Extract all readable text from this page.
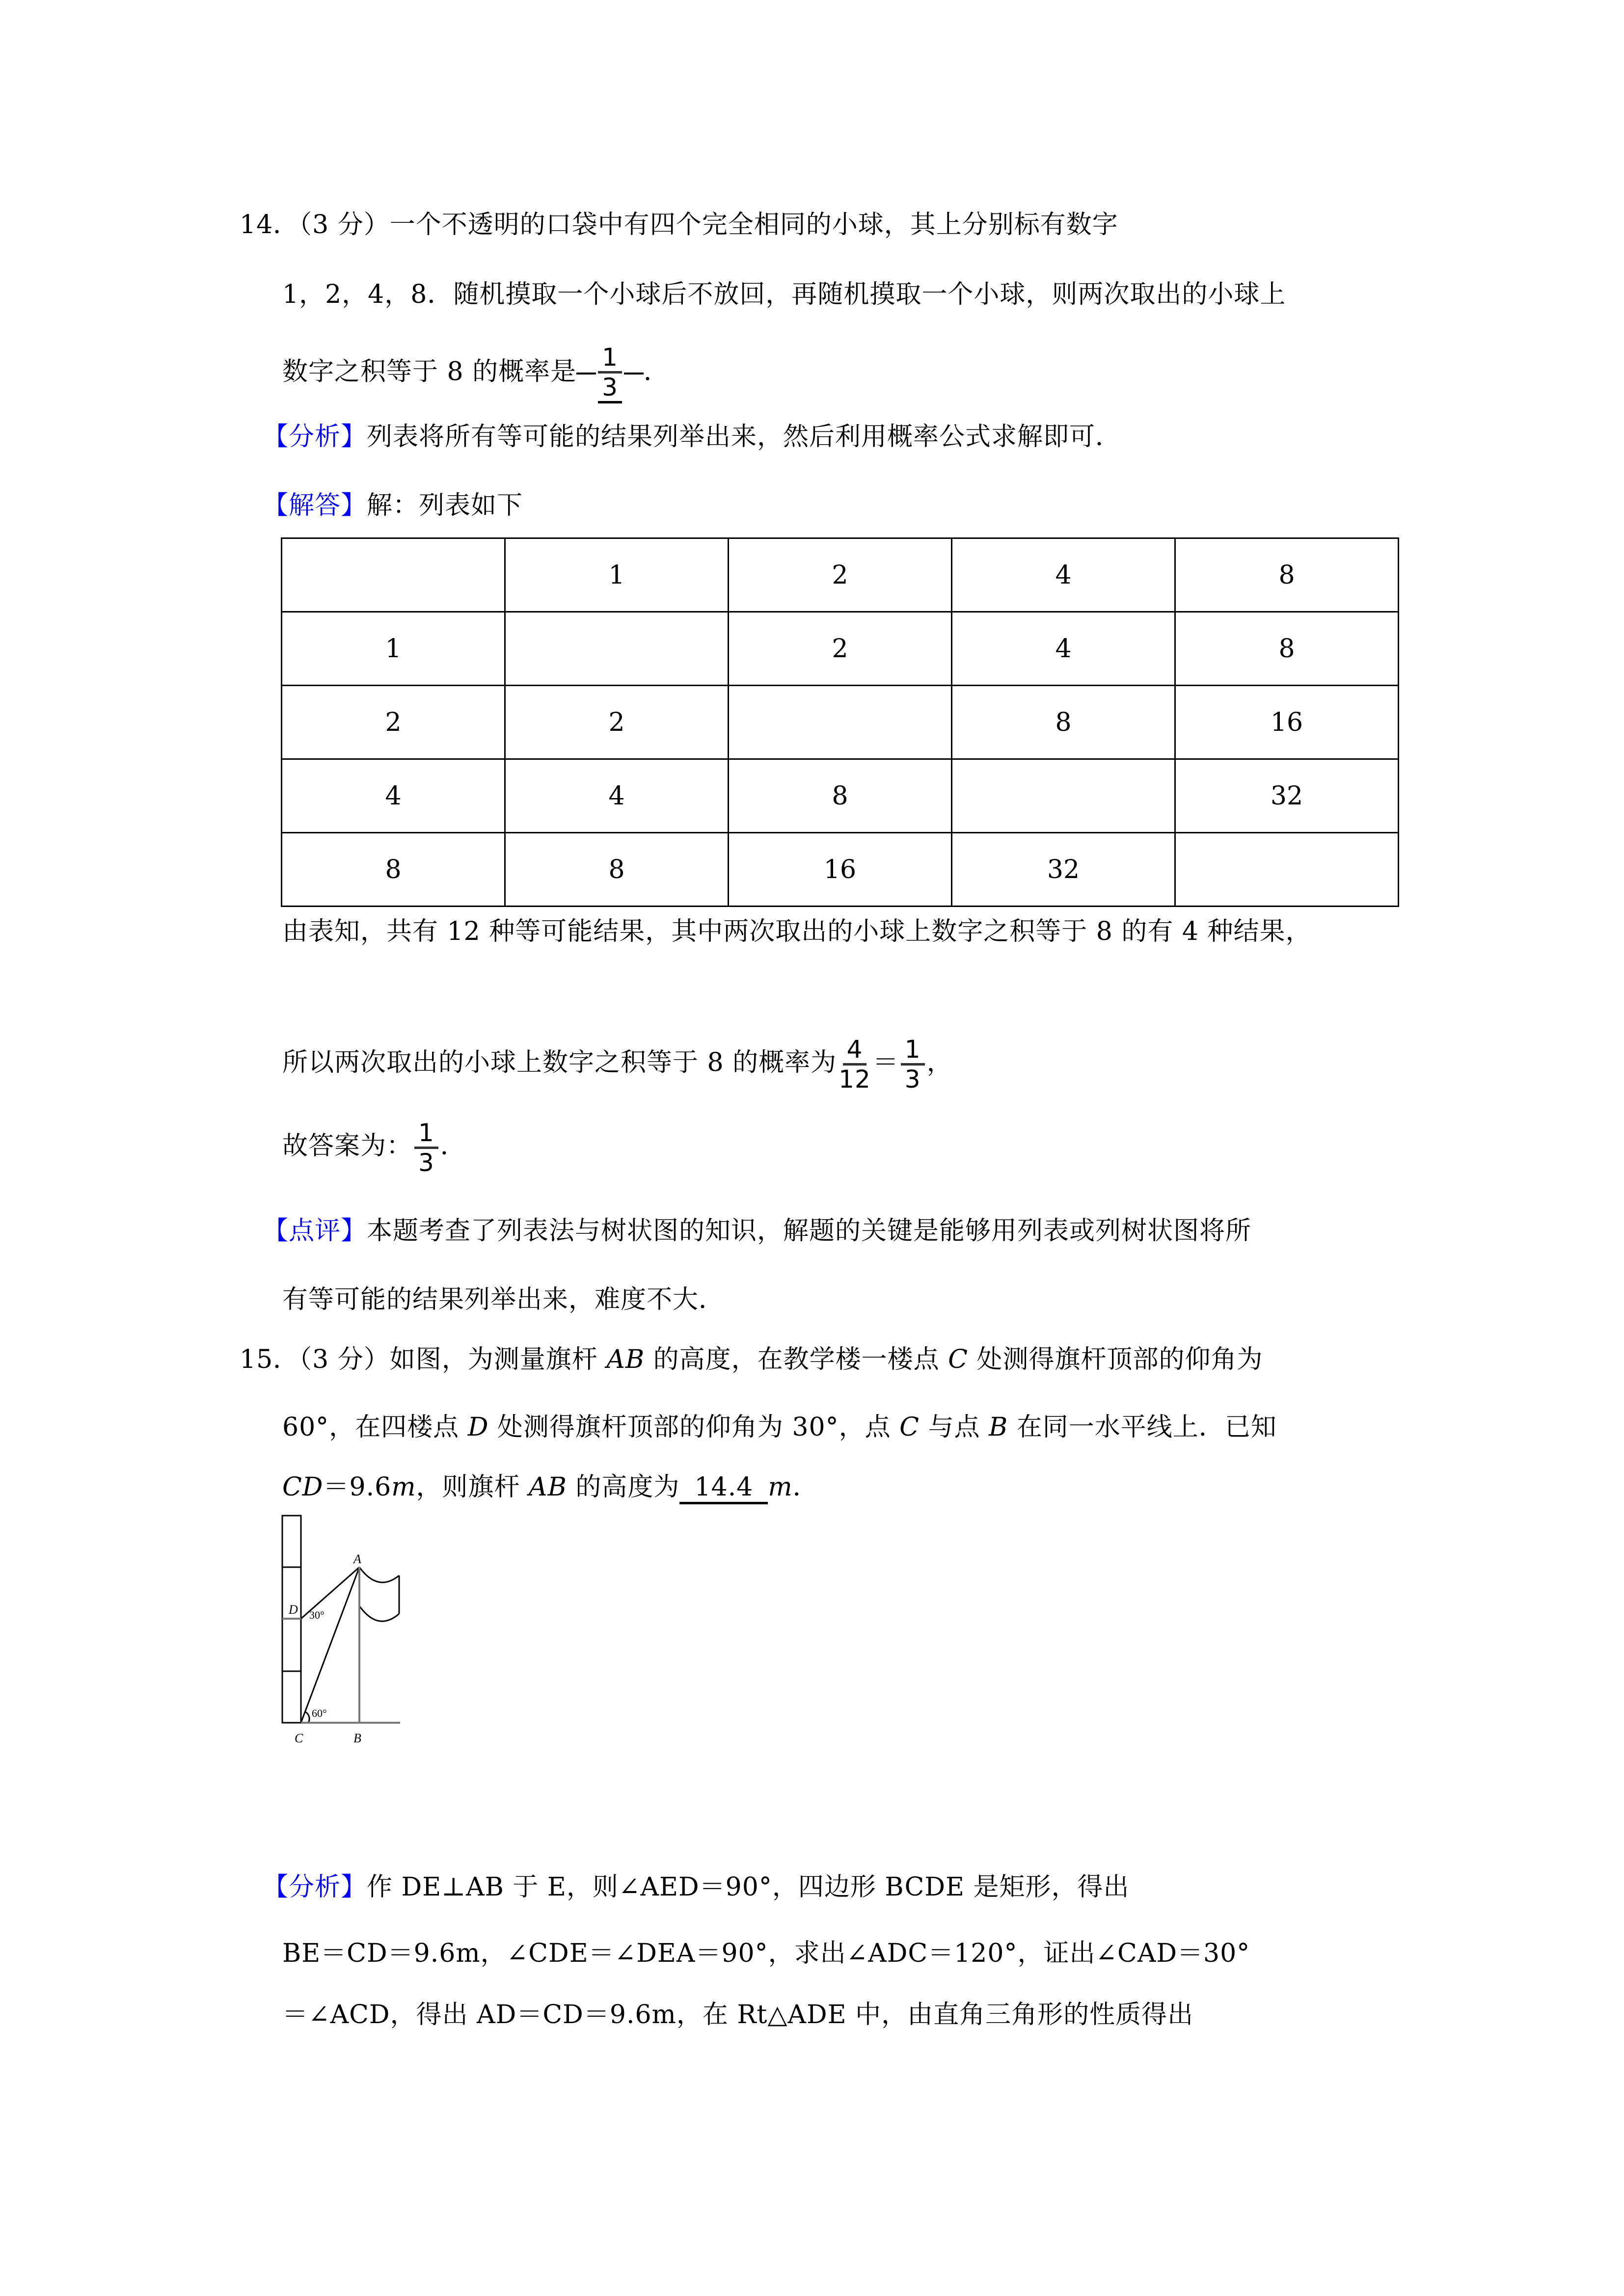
14．（3 分）一个不透明的口袋中有四个完全相同的小球，其上分别标有数字
1，2，4，8．随机摸取一个小球后不放回，再随机摸取一个小球，则两次取出的小球上
数字之积等于 8 的概率是 $\frac{1}{3}$ ．
【分析】列表将所有等可能的结果列举出来，然后利用概率公式求解即可．
【解答】解：列表如下
	1	2	4	8
1		2	4	8
2	2		8	16
4	4	8		32
8	8	16	32	
由表知，共有 12 种等可能结果，其中两次取出的小球上数字之积等于 8 的有 4 种结果，
所以两次取出的小球上数字之积等于 8 的概率为 $\frac{4}{12} = \frac{1}{3}$ ，
故答案为： $\frac{1}{3}$ ．
【点评】本题考查了列表法与树状图的知识，解题的关键是能够用列表或列树状图将所
有等可能的结果列举出来，难度不大．
15．（3 分）如图，为测量旗杆 AB 的高度，在教学楼一楼点 C 处测得旗杆顶部的仰角为
60°，在四楼点 D 处测得旗杆顶部的仰角为 30°，点 C 与点 B 在同一水平线上．已知
CD＝9.6m，则旗杆 AB 的高度为 14.4 m．
A
B
C
D 30°
60°
【分析】作 DE⊥AB 于 E，则∠AED＝90°，四边形 BCDE 是矩形，得出
BE＝CD＝9.6m，∠CDE＝∠DEA＝90°，求出∠ADC＝120°，证出∠CAD＝30°
＝∠ACD，得出 AD＝CD＝9.6m，在 Rt△ADE 中，由直角三角形的性质得出
